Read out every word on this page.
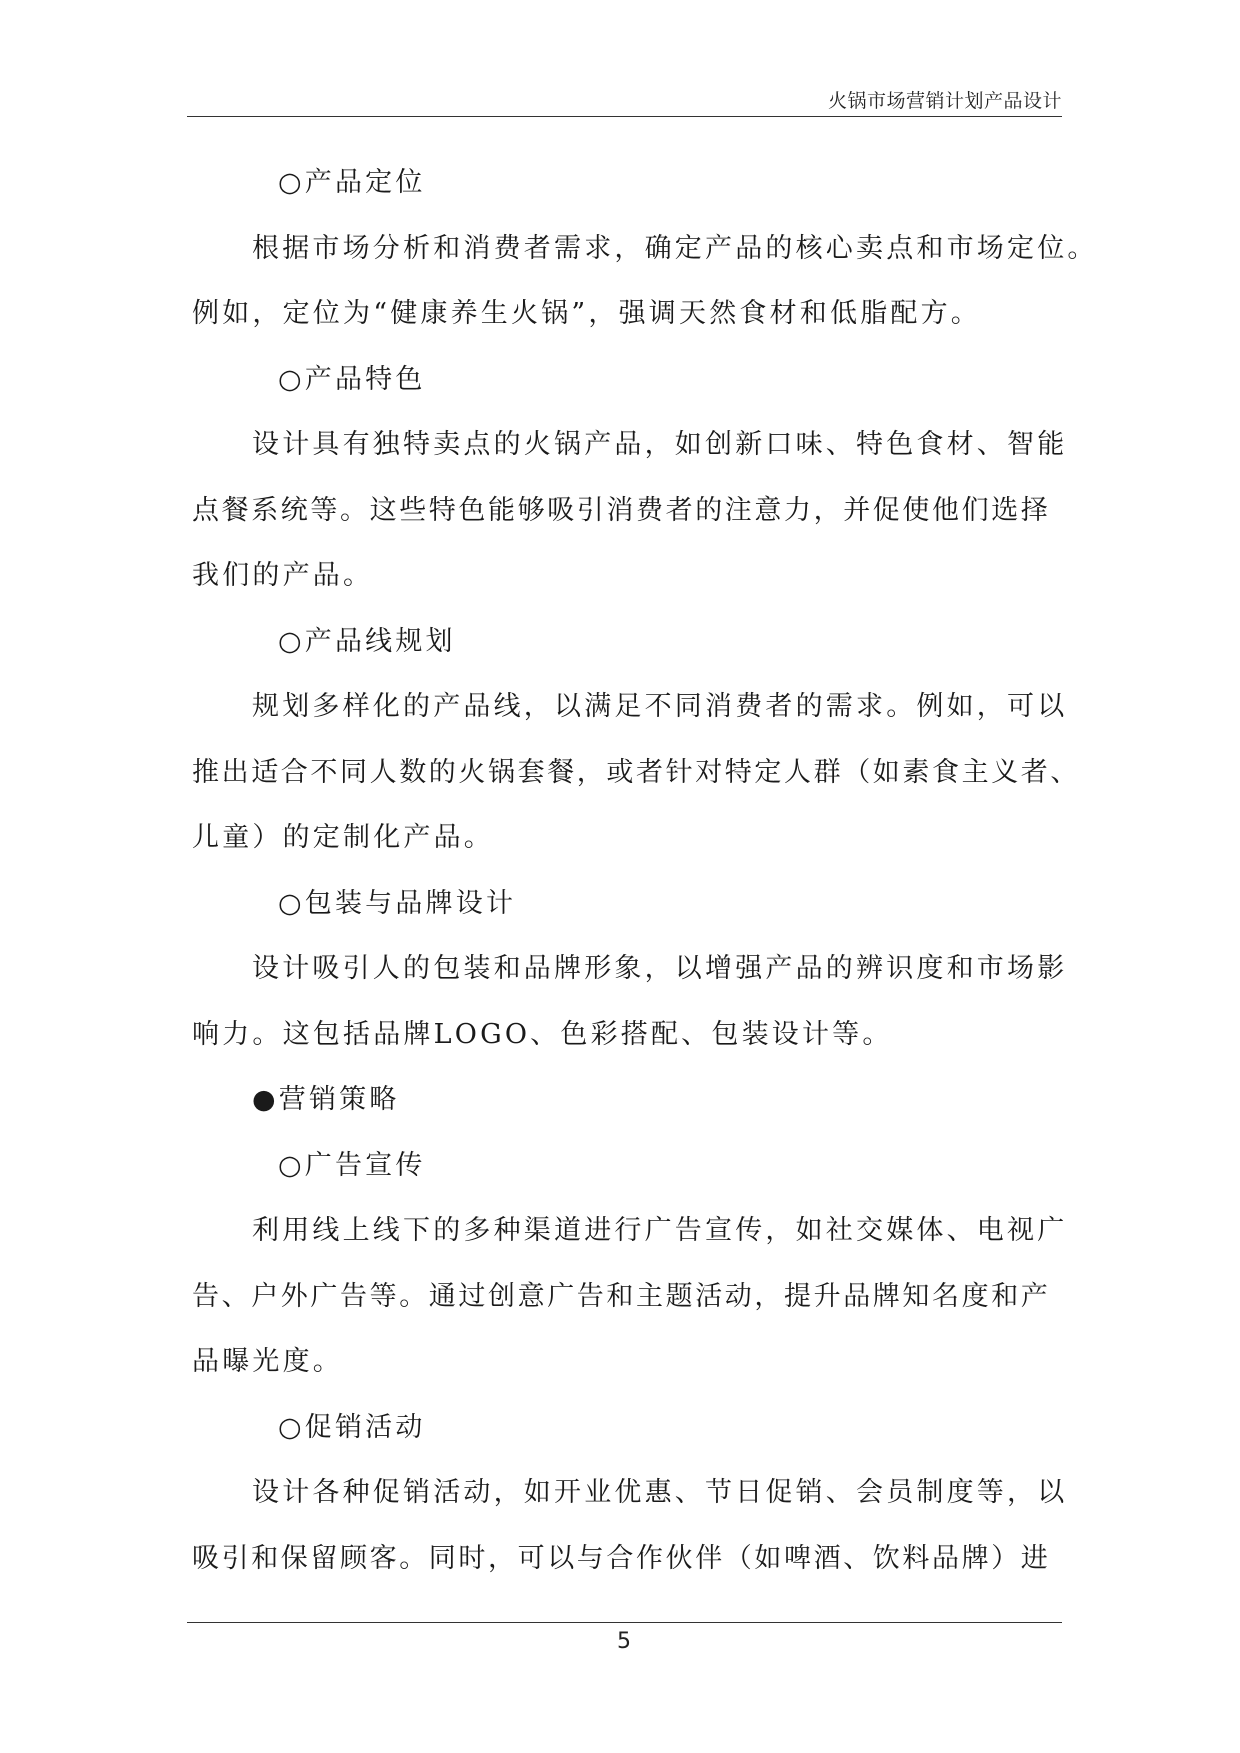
火锅市场营销计划产品设计
○产品定位
根据市场分析和消费者需求，确定产品的核心卖点和市场定位。
例如，定位为“健康养生火锅”，强调天然食材和低脂配方。
○产品特色
设计具有独特卖点的火锅产品，如创新口味、特色食材、智能
点餐系统等。这些特色能够吸引消费者的注意力，并促使他们选择
我们的产品。
○产品线规划
规划多样化的产品线，以满足不同消费者的需求。例如，可以
推出适合不同人数的火锅套餐，或者针对特定人群（如素食主义者、
儿童）的定制化产品。
○包装与品牌设计
设计吸引人的包装和品牌形象，以增强产品的辨识度和市场影
响力。这包括品牌LOGO、色彩搭配、包装设计等。
●营销策略
○广告宣传
利用线上线下的多种渠道进行广告宣传，如社交媒体、电视广
告、户外广告等。通过创意广告和主题活动，提升品牌知名度和产
品曝光度。
○促销活动
设计各种促销活动，如开业优惠、节日促销、会员制度等，以
吸引和保留顾客。同时，可以与合作伙伴（如啤酒、饮料品牌）进
5
